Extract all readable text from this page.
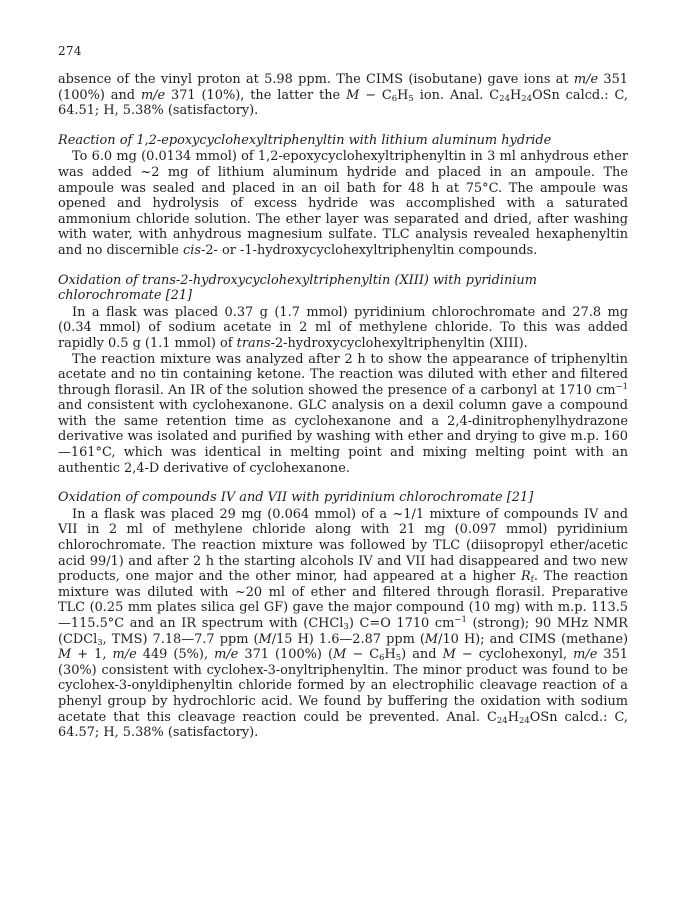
274

absence of the vinyl proton at 5.98 ppm. The CIMS (isobutane) gave ions at m/e 351 (100%) and m/e 371 (10%), the latter the $M - C_6H_5$ ion. Anal. $C_{24}H_{24}OSn$ calcd.: C, 64.51; H, 5.38% (satisfactory).

Reaction of 1,2-epoxycyclohexyltriphenyltin with lithium aluminum hydride

To 6.0 mg (0.0134 mmol) of 1,2-epoxycyclohexyltriphenyltin in 3 ml anhydrous ether was added ~2 mg of lithium aluminum hydride and placed in an ampoule. The ampoule was sealed and placed in an oil bath for 48 h at 75°C. The ampoule was opened and hydrolysis of excess hydride was accomplished with a saturated ammonium chloride solution. The ether layer was separated and dried, after washing with water, with anhydrous magnesium sulfate. TLC analysis revealed hexaphenyltin and no discernible cis-2- or -1-hydroxycyclohexyltriphenyltin compounds.

Oxidation of trans-2-hydroxycyclohexyltriphenyltin (XIII) with pyridinium chlorochromate [21]

In a flask was placed 0.37 g (1.7 mmol) pyridinium chlorochromate and 27.8 mg (0.34 mmol) of sodium acetate in 2 ml of methylene chloride. To this was added rapidly 0.5 g (1.1 mmol) of trans-2-hydroxycyclohexyltriphenyltin (XIII).

The reaction mixture was analyzed after 2 h to show the appearance of triphenyltin acetate and no tin containing ketone. The reaction was diluted with ether and filtered through florasil. An IR of the solution showed the presence of a carbonyl at 1710 $cm^{-1}$ and consistent with cyclohexanone. GLC analysis on a dexil column gave a compound with the same retention time as cyclohexanone and a 2,4-dinitrophenylhydrazone derivative was isolated and purified by washing with ether and drying to give m.p. 160—161°C, which was identical in melting point and mixing melting point with an authentic 2,4-D derivative of cyclohexanone.

Oxidation of compounds IV and VII with pyridinium chlorochromate [21]

In a flask was placed 29 mg (0.064 mmol) of a ~1/1 mixture of compounds IV and VII in 2 ml of methylene chloride along with 21 mg (0.097 mmol) pyridinium chlorochromate. The reaction mixture was followed by TLC (diisopropyl ether/acetic acid 99/1) and after 2 h the starting alcohols IV and VII had disappeared and two new products, one major and the other minor, had appeared at a higher $R_f$. The reaction mixture was diluted with ~20 ml of ether and filtered through florasil. Preparative TLC (0.25 mm plates silica gel GF) gave the major compound (10 mg) with m.p. 113.5—115.5°C and an IR spectrum with (CHCl$_3$) C=O 1710 $cm^{-1}$ (strong); 90 MHz NMR (CDCl$_3$, TMS) 7.18—7.7 ppm (M/15 H) 1.6—2.87 ppm (M/10 H); and CIMS (methane) M + 1, m/e 449 (5%), m/e 371 (100%) $(M - C_6H_5)$ and M − cyclohexonyl, m/e 351 (30%) consistent with cyclohex-3-onyltriphenyltin. The minor product was found to be cyclohex-3-onyldiphenyltin chloride formed by an electrophilic cleavage reaction of a phenyl group by hydrochloric acid. We found by buffering the oxidation with sodium acetate that this cleavage reaction could be prevented. Anal. $C_{24}H_{24}OSn$ calcd.: C, 64.57; H, 5.38% (satisfactory).
